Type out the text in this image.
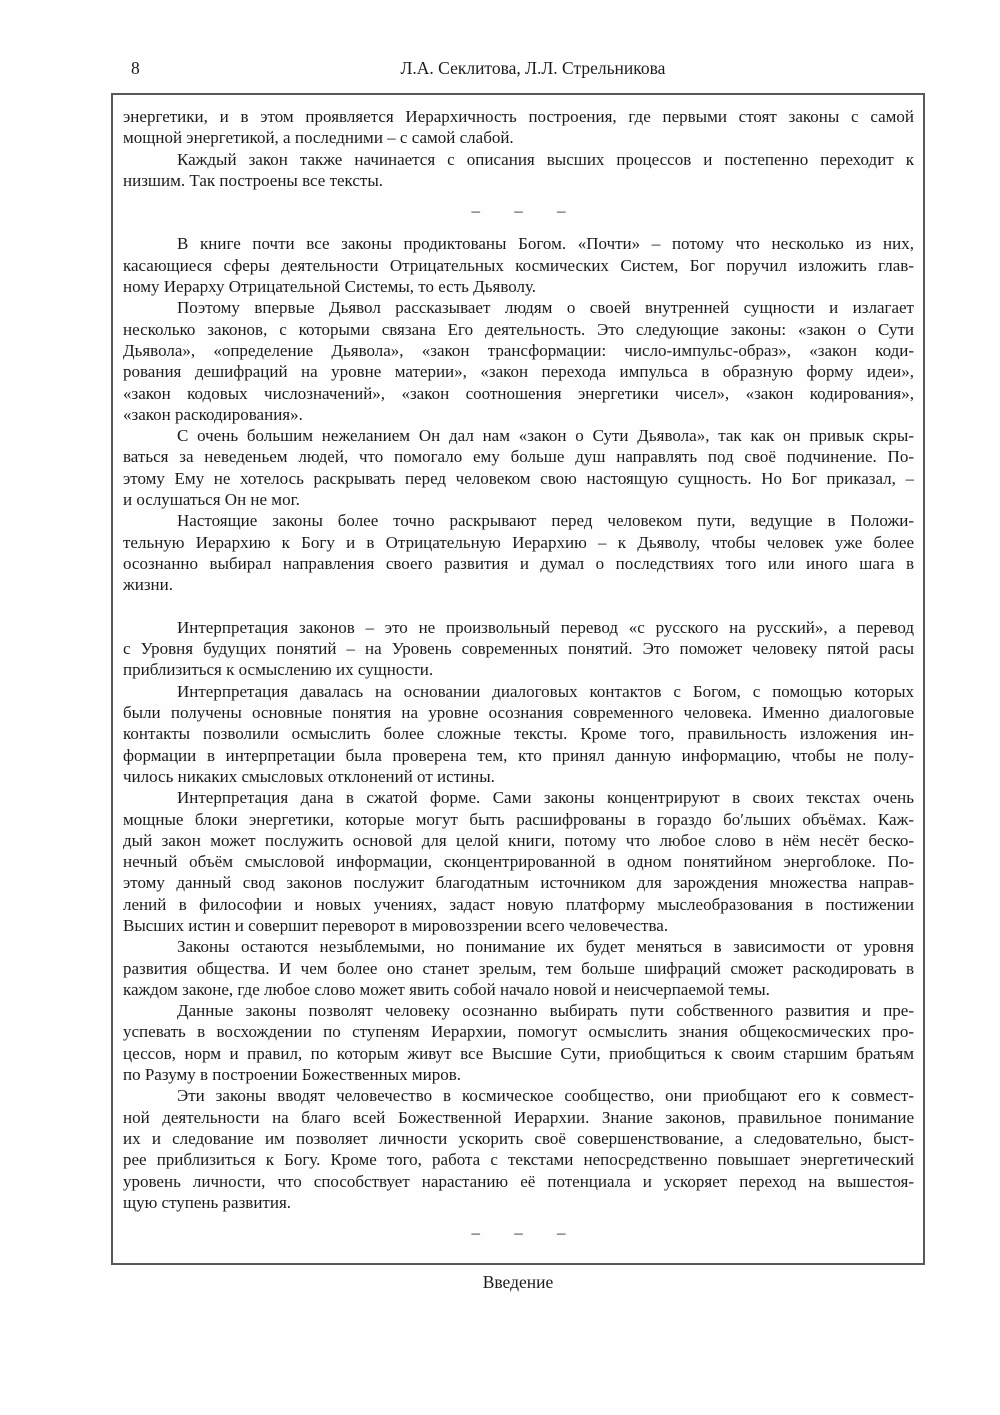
8	Л.А. Секлитова, Л.Л. Стрельникова
энергетики, и в этом проявляется Иерархичность построения, где первыми стоят законы с самой
мощной энергетикой, а последними – с самой слабой.
Каждый закон также начинается с описания высших процессов и постепенно переходит к
низшим. Так построены все тексты.
– – –
В книге почти все законы продиктованы Богом. «Почти» – потому что несколько из них,
касающиеся сферы деятельности Отрицательных космических Систем, Бог поручил изложить глав-
ному Иерарху Отрицательной Системы, то есть Дьяволу.
Поэтому впервые Дьявол рассказывает людям о своей внутренней сущности и излагает
несколько законов, с которыми связана Его деятельность. Это следующие законы: «закон о Сути
Дьявола», «определение Дьявола», «закон трансформации: число-импульс-образ», «закон коди-
рования дешифраций на уровне материи», «закон перехода импульса в образную форму идеи»,
«закон кодовых числозначений», «закон соотношения энергетики чисел», «закон кодирования»,
«закон раскодирования».
С очень большим нежеланием Он дал нам «закон о Сути Дьявола», так как он привык скры-
ваться за неведеньем людей, что помогало ему больше душ направлять под своё подчинение. По-
этому Ему не хотелось раскрывать перед человеком свою настоящую сущность. Но Бог приказал, –
и ослушаться Он не мог.
Настоящие законы более точно раскрывают перед человеком пути, ведущие в Положи-
тельную Иерархию к Богу и в Отрицательную Иерархию – к Дьяволу, чтобы человек уже более
осознанно выбирал направления своего развития и думал о последствиях того или иного шага в
жизни.
Интерпретация законов – это не произвольный перевод «с русского на русский», а перевод
с Уровня будущих понятий – на Уровень современных понятий. Это поможет человеку пятой расы
приблизиться к осмыслению их сущности.
Интерпретация давалась на основании диалоговых контактов с Богом, с помощью которых
были получены основные понятия на уровне осознания современного человека. Именно диалоговые
контакты позволили осмыслить более сложные тексты. Кроме того, правильность изложения ин-
формации в интерпретации была проверена тем, кто принял данную информацию, чтобы не полу-
чилось никаких смысловых отклонений от истины.
Интерпретация дана в сжатой форме. Сами законы концентрируют в своих текстах очень
мощные блоки энергетики, которые могут быть расшифрованы в гораздо бо′льших объёмах. Каж-
дый закон может послужить основой для целой книги, потому что любое слово в нём несёт беско-
нечный объём смысловой информации, сконцентрированной в одном понятийном энергоблоке. По-
этому данный свод законов послужит благодатным источником для зарождения множества направ-
лений в философии и новых учениях, задаст новую платформу мыслеобразования в постижении
Высших истин и совершит переворот в мировоззрении всего человечества.
Законы остаются незыблемыми, но понимание их будет меняться в зависимости от уровня
развития общества. И чем более оно станет зрелым, тем больше шифраций сможет раскодировать в
каждом законе, где любое слово может явить собой начало новой и неисчерпаемой темы.
Данные законы позволят человеку осознанно выбирать пути собственного развития и пре-
успевать в восхождении по ступеням Иерархии, помогут осмыслить знания общекосмических про-
цессов, норм и правил, по которым живут все Высшие Сути, приобщиться к своим старшим братьям
по Разуму в построении Божественных миров.
Эти законы вводят человечество в космическое сообщество, они приобщают его к совмест-
ной деятельности на благо всей Божественной Иерархии. Знание законов, правильное понимание
их и следование им позволяет личности ускорить своё совершенствование, а следовательно, быст-
рее приблизиться к Богу. Кроме того, работа с текстами непосредственно повышает энергетический
уровень личности, что способствует нарастанию её потенциала и ускоряет переход на вышестоя-
щую ступень развития.
– – –
Введение
